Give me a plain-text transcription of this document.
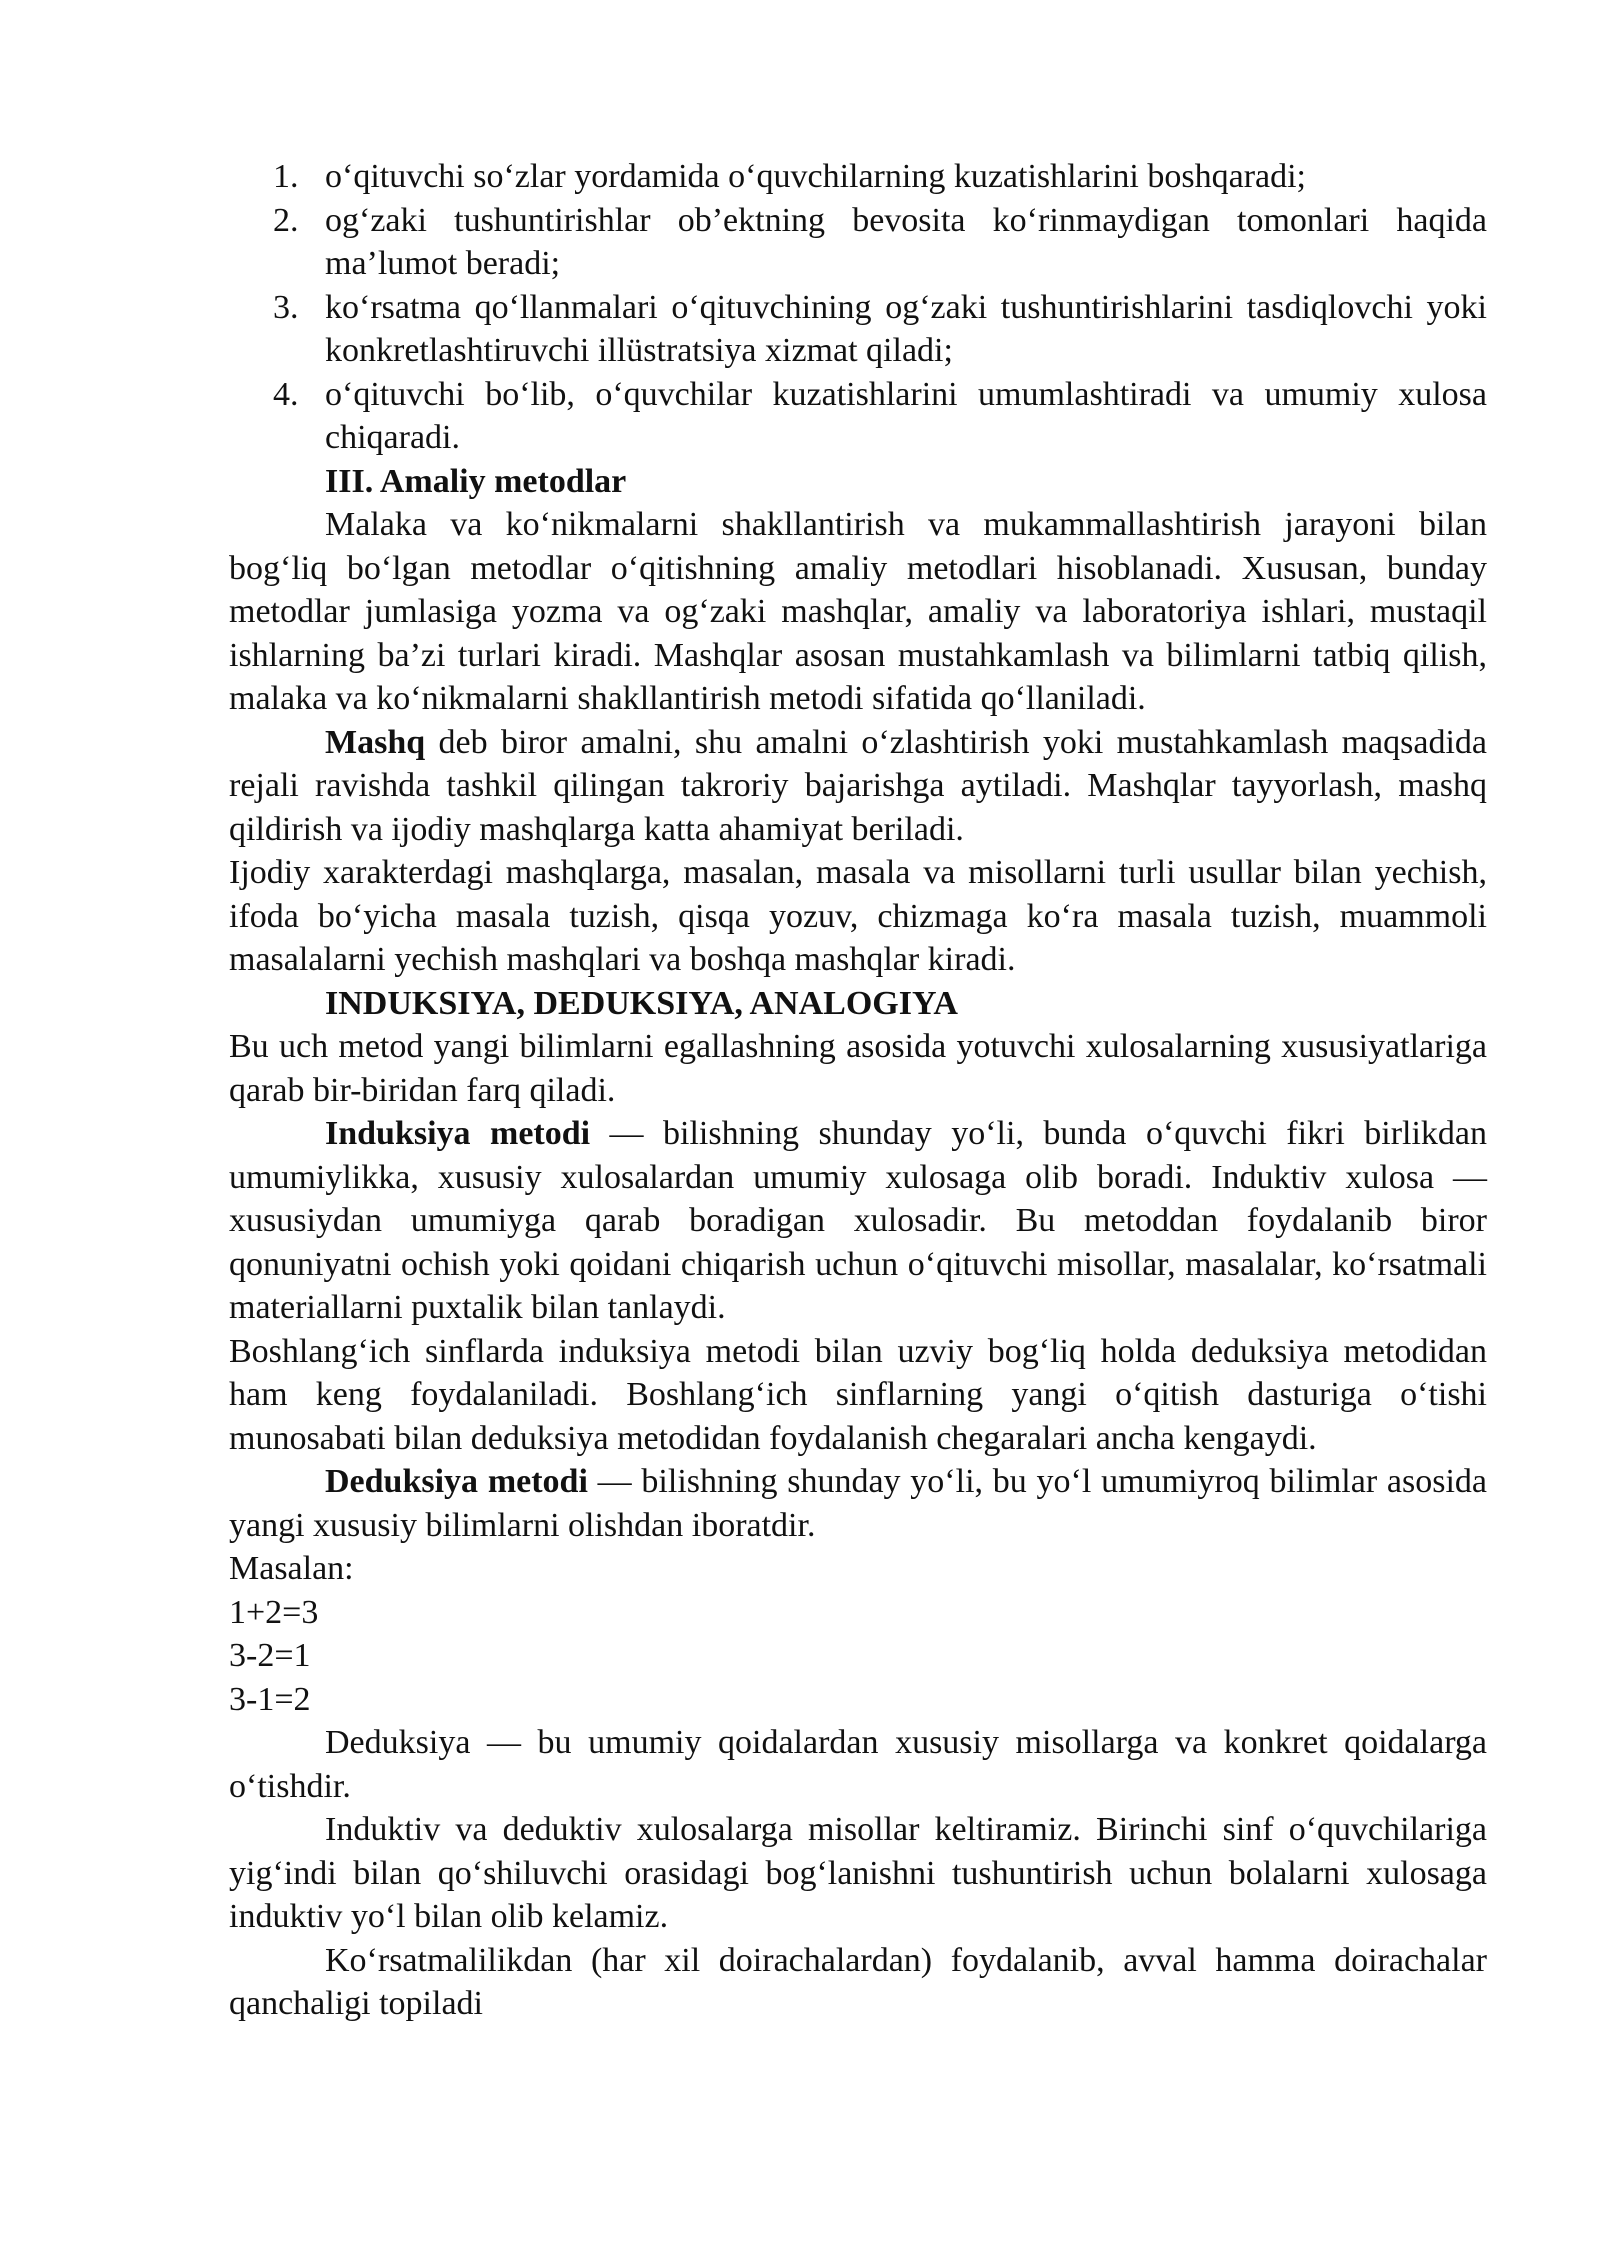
1. o‘qituvchi so‘zlar yordamida o‘quvchilarning kuzatishlarini boshqaradi;
2. og‘zaki tushuntirishlar ob’ektning bevosita ko‘rinmaydigan tomonlari haqida ma’lumot beradi;
3. ko‘rsatma qo‘llanmalari o‘qituvchining og‘zaki tushuntirishlarini tasdiqlovchi yoki konkretlashtiruvchi illüstratsiya xizmat qiladi;
4. o‘qituvchi bo‘lib, o‘quvchilar kuzatishlarini umumlashtiradi va umumiy xulosa chiqaradi.

III. Amaliy metodlar

Malaka va ko‘nikmalarni shakllantirish va mukammallashtirish jarayoni bilan bog‘liq bo‘lgan metodlar o‘qitishning amaliy metodlari hisoblanadi. Xususan, bunday metodlar jumlasiga yozma va og‘zaki mashqlar, amaliy va laboratoriya ishlari, mustaqil ishlarning ba’zi turlari kiradi. Mashqlar asosan mustahkamlash va bilimlarni tatbiq qilish, malaka va ko‘nikmalarni shakllantirish metodi sifatida qo‘llaniladi.

Mashq deb biror amalni, shu amalni o‘zlashtirish yoki mustahkamlash maqsadida rejali ravishda tashkil qilingan takroriy bajarishga aytiladi. Mashqlar tayyorlash, mashq qildirish va ijodiy mashqlarga katta ahamiyat beriladi.

Ijodiy xarakterdagi mashqlarga, masalan, masala va misollarni turli usullar bilan yechish, ifoda bo‘yicha masala tuzish, qisqa yozuv, chizmaga ko‘ra masala tuzish, muammoli masalalarni yechish mashqlari va boshqa mashqlar kiradi.

INDUKSIYA, DEDUKSIYA, ANALOGIYA

Bu uch metod yangi bilimlarni egallashning asosida yotuvchi xulosalarning xususiyatlariga qarab bir-biridan farq qiladi.

Induksiya metodi — bilishning shunday yo‘li, bunda o‘quvchi fikri birlikdan umumiylikka, xususiy xulosalardan umumiy xulosaga olib boradi. Induktiv xulosa — xususiydan umumiyga qarab boradigan xulosadir. Bu metoddan foydalanib biror qonuniyatni ochish yoki qoidani chiqarish uchun o‘qituvchi misollar, masalalar, ko‘rsatmali materiallarni puxtalik bilan tanlaydi.

Boshlang‘ich sinflarda induksiya metodi bilan uzviy bog‘liq holda deduksiya metodidan ham keng foydalaniladi. Boshlang‘ich sinflarning yangi o‘qitish dasturiga o‘tishi munosabati bilan deduksiya metodidan foydalanish chegaralari ancha kengaydi.

Deduksiya metodi — bilishning shunday yo‘li, bu yo‘l umumiyroq bilimlar asosida yangi xususiy bilimlarni olishdan iboratdir.

Masalan:

1+2=3

3-2=1

3-1=2

Deduksiya — bu umumiy qoidalardan xususiy misollarga va konkret qoidalarga o‘tishdir.

Induktiv va deduktiv xulosalarga misollar keltiramiz. Birinchi sinf o‘quvchilariga yig‘indi bilan qo‘shiluvchi orasidagi bog‘lanishni tushuntirish uchun bolalarni xulosaga induktiv yo‘l bilan olib kelamiz.

Ko‘rsatmalilikdan (har xil doirachalardan) foydalanib, avval hamma doirachalar qanchaligi topiladi
